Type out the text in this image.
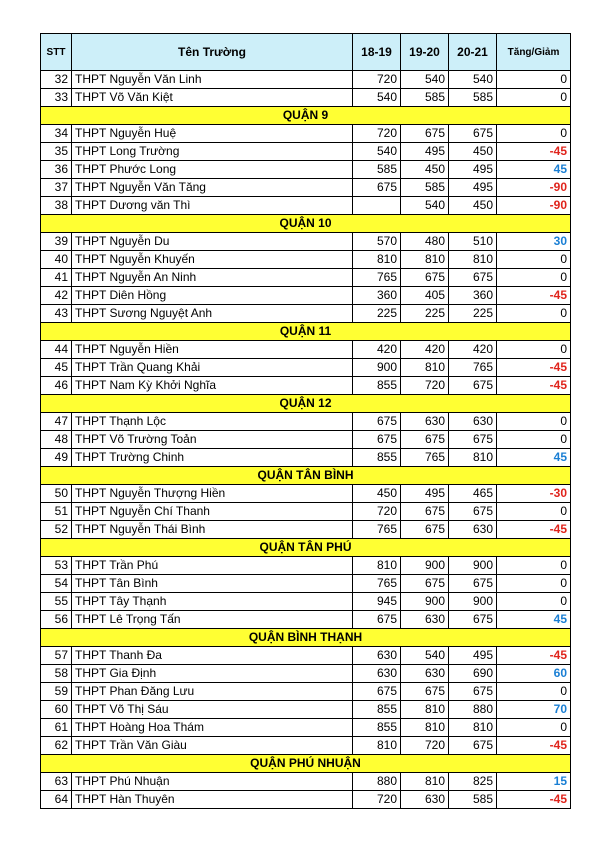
STT	Tên Trường	18-19	19-20	20-21	Tăng/Giảm
32	THPT Nguyễn Văn Linh	720	540	540	0
33	THPT Võ Văn Kiệt	540	585	585	0
QUẬN 9					
34	THPT Nguyễn Huệ	720	675	675	0
35	THPT Long Trường	540	495	450	-45
36	THPT Phước Long	585	450	495	45
37	THPT Nguyễn Văn Tăng	675	585	495	-90
38	THPT Dương văn Thì		540	450	-90
QUẬN 10					
39	THPT Nguyễn Du	570	480	510	30
40	THPT Nguyễn Khuyến	810	810	810	0
41	THPT Nguyễn An Ninh	765	675	675	0
42	THPT Diên Hồng	360	405	360	-45
43	THPT Sương Nguyệt Anh	225	225	225	0
QUẬN 11					
44	THPT Nguyễn Hiền	420	420	420	0
45	THPT Trần Quang Khải	900	810	765	-45
46	THPT Nam Kỳ Khởi Nghĩa	855	720	675	-45
QUẬN 12					
47	THPT Thạnh Lộc	675	630	630	0
48	THPT Võ Trường Toản	675	675	675	0
49	THPT Trường Chinh	855	765	810	45
QUẬN TÂN BÌNH					
50	THPT Nguyễn Thượng Hiền	450	495	465	-30
51	THPT Nguyễn Chí Thanh	720	675	675	0
52	THPT Nguyễn Thái Bình	765	675	630	-45
QUẬN TÂN PHÚ					
53	THPT Trần Phú	810	900	900	0
54	THPT Tân Bình	765	675	675	0
55	THPT Tây Thạnh	945	900	900	0
56	THPT Lê Trọng Tấn	675	630	675	45
QUẬN BÌNH THẠNH					
57	THPT Thanh Đa	630	540	495	-45
58	THPT Gia Định	630	630	690	60
59	THPT Phan Đăng Lưu	675	675	675	0
60	THPT Võ Thị Sáu	855	810	880	70
61	THPT Hoàng Hoa Thám	855	810	810	0
62	THPT Trần Văn Giàu	810	720	675	-45
QUẬN PHÚ NHUẬN					
63	THPT Phú Nhuận	880	810	825	15
64	THPT Hàn Thuyên	720	630	585	-45
